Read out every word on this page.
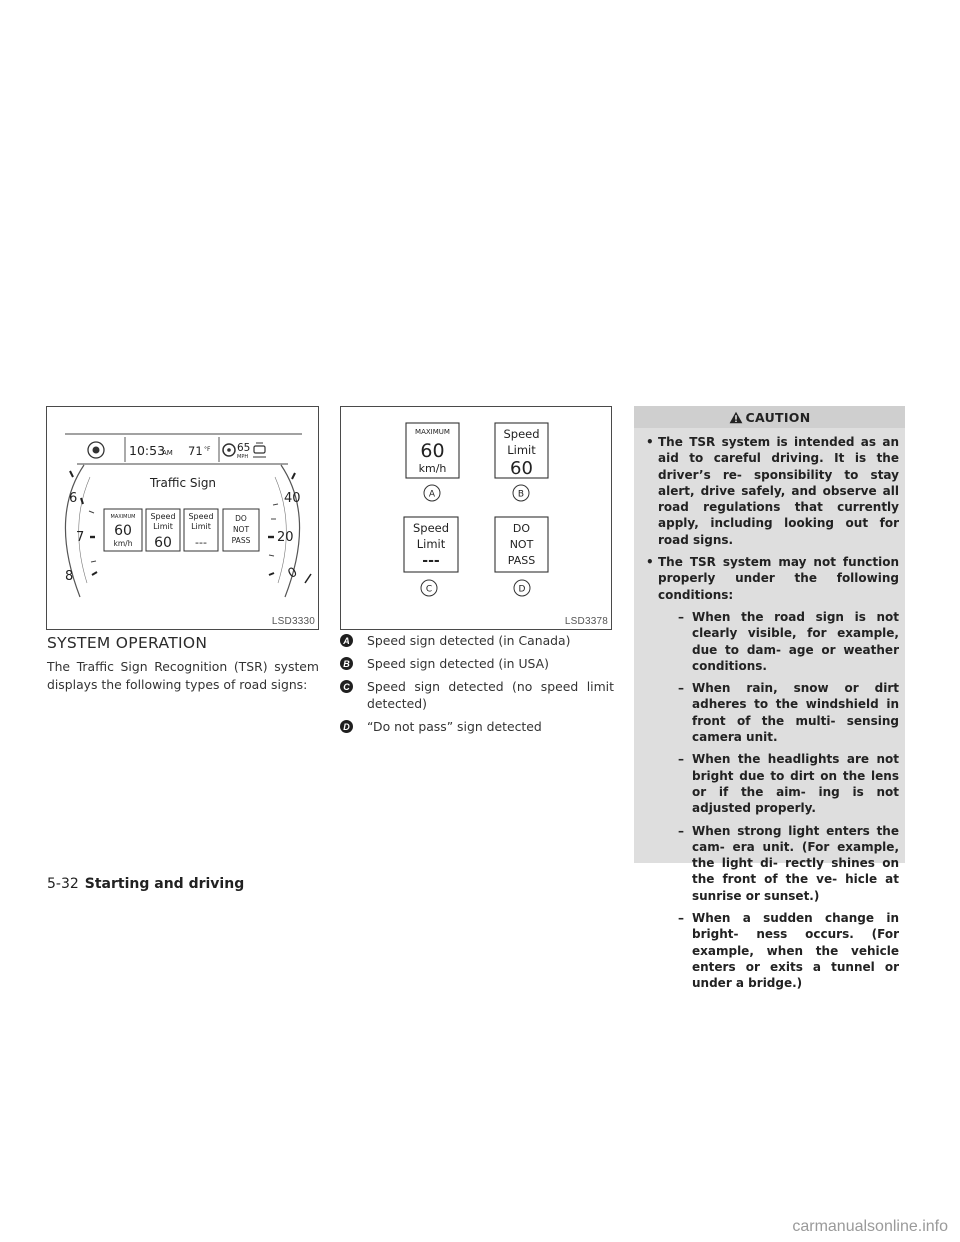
10:53
AM 71 °F	65
MPH
Traffic Sign
6
7
8
40
20
0
MAXIMUM
60
km/h
Speed
Limit
60
Speed
Limit
---
DO
NOT
PASS
LSD3330
MAXIMUM
60
km/h
A
Speed
Limit
60
B
Speed
Limit
---
C
DO
NOT
PASS
D
LSD3378
SYSTEM OPERATION

The Traffic Sign Recognition (TSR) system displays the following types of road signs:

A Speed sign detected (in Canada)
B Speed sign detected (in USA)
C Speed sign detected (no speed limit detected)
D “Do not pass” sign detected
CAUTION
• The TSR system is intended as an aid to careful driving. It is the driver’s re- sponsibility to stay alert, drive safely, and observe all road regulations that currently apply, including looking out for road signs.
• The TSR system may not function properly under the following conditions:
– When the road sign is not clearly visible, for example, due to dam- age or weather conditions.
– When rain, snow or dirt adheres to the windshield in front of the multi- sensing camera unit.
– When the headlights are not bright due to dirt on the lens or if the aim- ing is not adjusted properly.
– When strong light enters the cam- era unit. (For example, the light di- rectly shines on the front of the ve- hicle at sunrise or sunset.)
– When a sudden change in bright- ness occurs. (For example, when the vehicle enters or exits a tunnel or under a bridge.)
5-32 Starting and driving
carmanualsonline.info
